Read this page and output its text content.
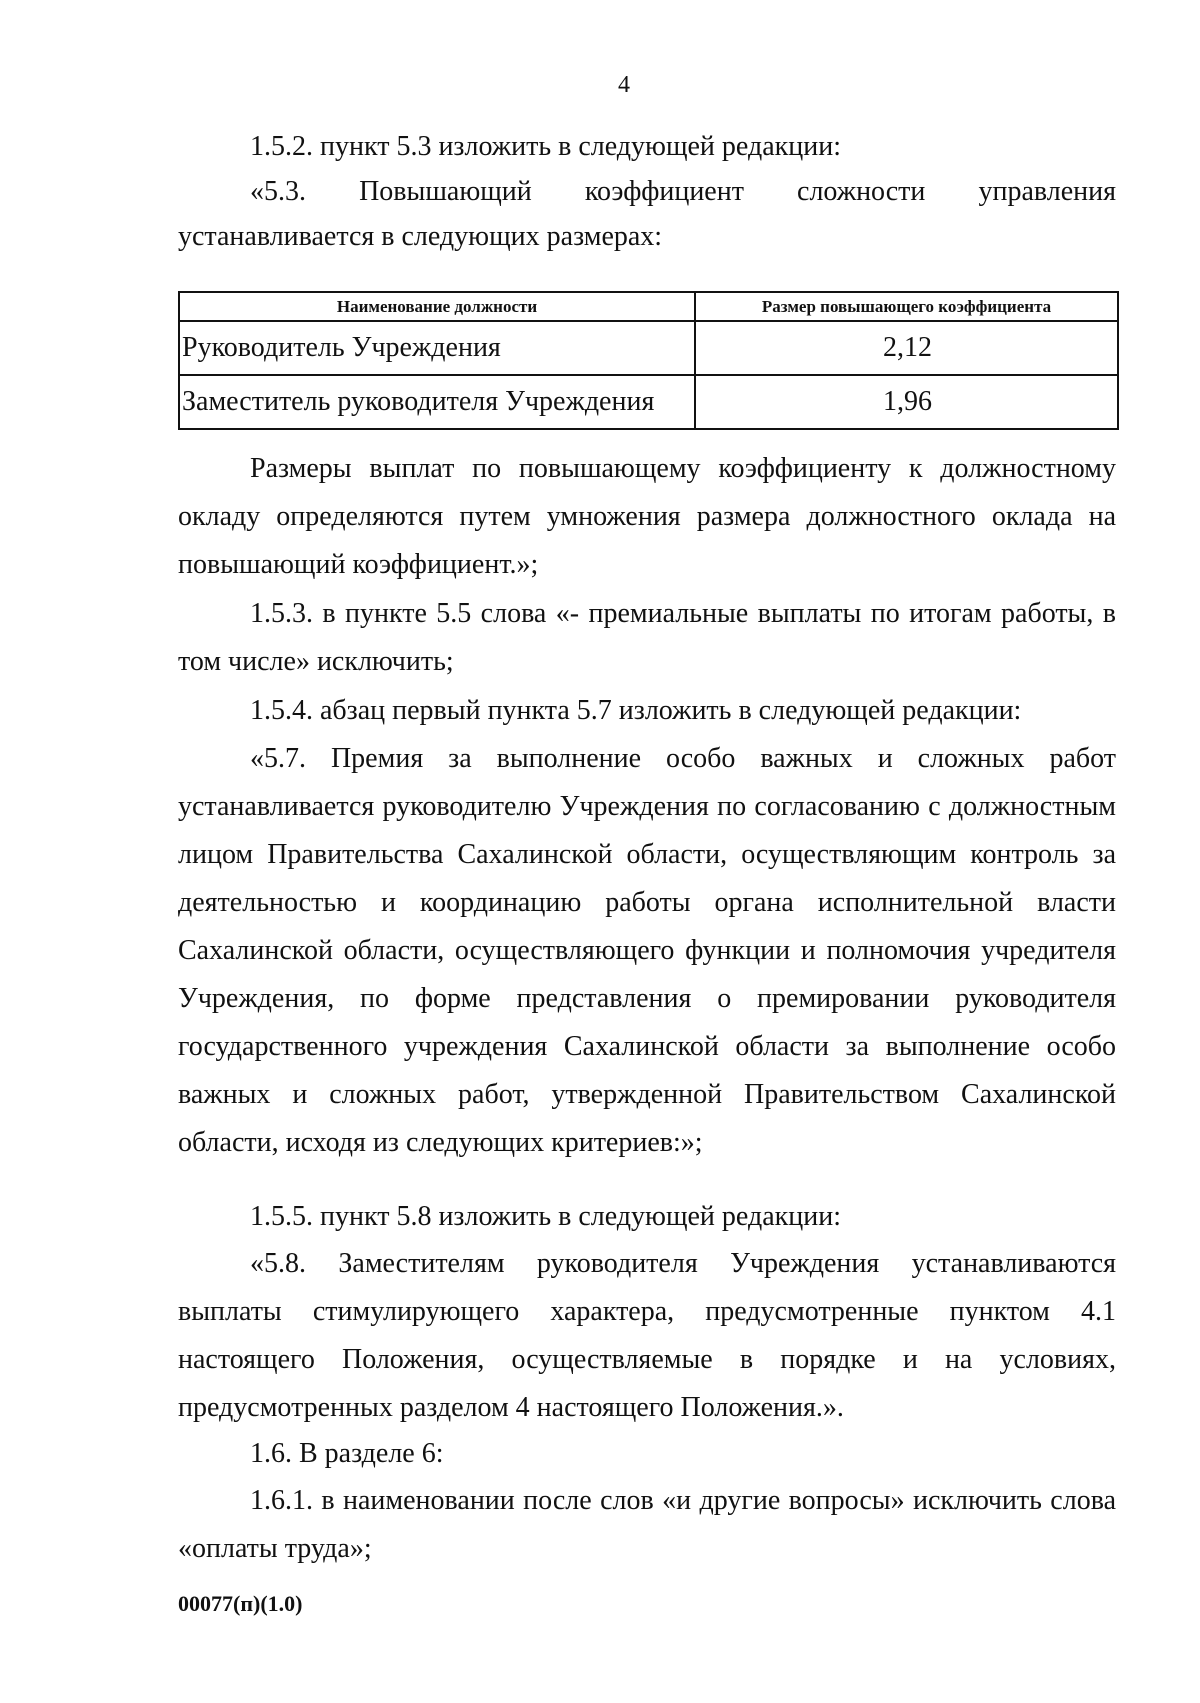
4

1.5.2. пункт 5.3 изложить в следующей редакции:

«5.3. Повышающий коэффициент сложности управления

устанавливается в следующих размерах:

Наименование должности	Размер повышающего коэффициента
Руководитель Учреждения	2,12
Заместитель руководителя Учреждения	1,96

Размеры выплат по повышающему коэффициенту к должностному окладу определяются путем умножения размера должностного оклада на повышающий коэффициент.»;

1.5.3. в пункте 5.5 слова «- премиальные выплаты по итогам работы, в том числе» исключить;

1.5.4. абзац первый пункта 5.7 изложить в следующей редакции:

«5.7. Премия за выполнение особо важных и сложных работ устанавливается руководителю Учреждения по согласованию с должностным лицом Правительства Сахалинской области, осуществляющим контроль за деятельностью и координацию работы органа исполнительной власти Сахалинской области, осуществляющего функции и полномочия учредителя Учреждения, по форме представления о премировании руководителя государственного учреждения Сахалинской области за выполнение особо важных и сложных работ, утвержденной Правительством Сахалинской области, исходя из следующих критериев:»;

1.5.5. пункт 5.8 изложить в следующей редакции:

«5.8. Заместителям руководителя Учреждения устанавливаются выплаты стимулирующего характера, предусмотренные пунктом 4.1 настоящего Положения, осуществляемые в порядке и на условиях, предусмотренных разделом 4 настоящего Положения.».

1.6. В разделе 6:

1.6.1. в наименовании после слов «и другие вопросы» исключить слова «оплаты труда»;

00077(п)(1.0)
